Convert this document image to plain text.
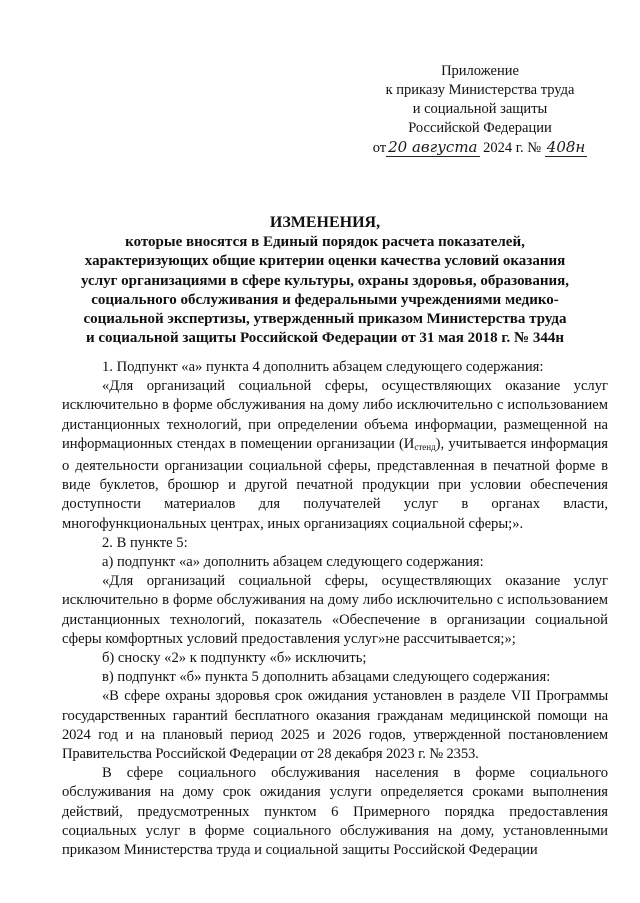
Приложение
к приказу Министерства труда
и социальной защиты
Российской Федерации
от 20 августа 2024 г. № 408н
ИЗМЕНЕНИЯ,
которые вносятся в Единый порядок расчета показателей,
характеризующих общие критерии оценки качества условий оказания
услуг организациями в сфере культуры, охраны здоровья, образования,
социального обслуживания и федеральными учреждениями медико-
социальной экспертизы, утвержденный приказом Министерства труда
и социальной защиты Российской Федерации от 31 мая 2018 г. № 344н

1. Подпункт «а» пункта 4 дополнить абзацем следующего содержания:

«Для организаций социальной сферы, осуществляющих оказание услуг исключительно в форме обслуживания на дому либо исключительно с использованием дистанционных технологий, при определении объема информации, размещенной на информационных стендах в помещении организации $(И_{стенд})$, учитывается информация о деятельности организации социальной сферы, представленная в печатной форме в виде буклетов, брошюр и другой печатной продукции при условии обеспечения доступности материалов для получателей услуг в органах власти, многофункциональных центрах, иных организациях социальной сферы;».

2. В пункте 5:

а) подпункт «а» дополнить абзацем следующего содержания:

«Для организаций социальной сферы, осуществляющих оказание услуг исключительно в форме обслуживания на дому либо исключительно с использованием дистанционных технологий, показатель «Обеспечение в организации социальной сферы комфортных условий предоставления услуг»не рассчитывается;»;

б) сноску «2» к подпункту «б» исключить;

в) подпункт «б» пункта 5 дополнить абзацами следующего содержания:

«В сфере охраны здоровья срок ожидания установлен в разделе VII Программы государственных гарантий бесплатного оказания гражданам медицинской помощи на 2024 год и на плановый период 2025 и 2026 годов, утвержденной постановлением Правительства Российской Федерации от 28 декабря 2023 г. № 2353.

В сфере социального обслуживания населения в форме социального обслуживания на дому срок ожидания услуги определяется сроками выполнения действий, предусмотренных пунктом 6 Примерного порядка предоставления социальных услуг в форме социального обслуживания на дому, установленными приказом Министерства труда и социальной защиты Российской Федерации
